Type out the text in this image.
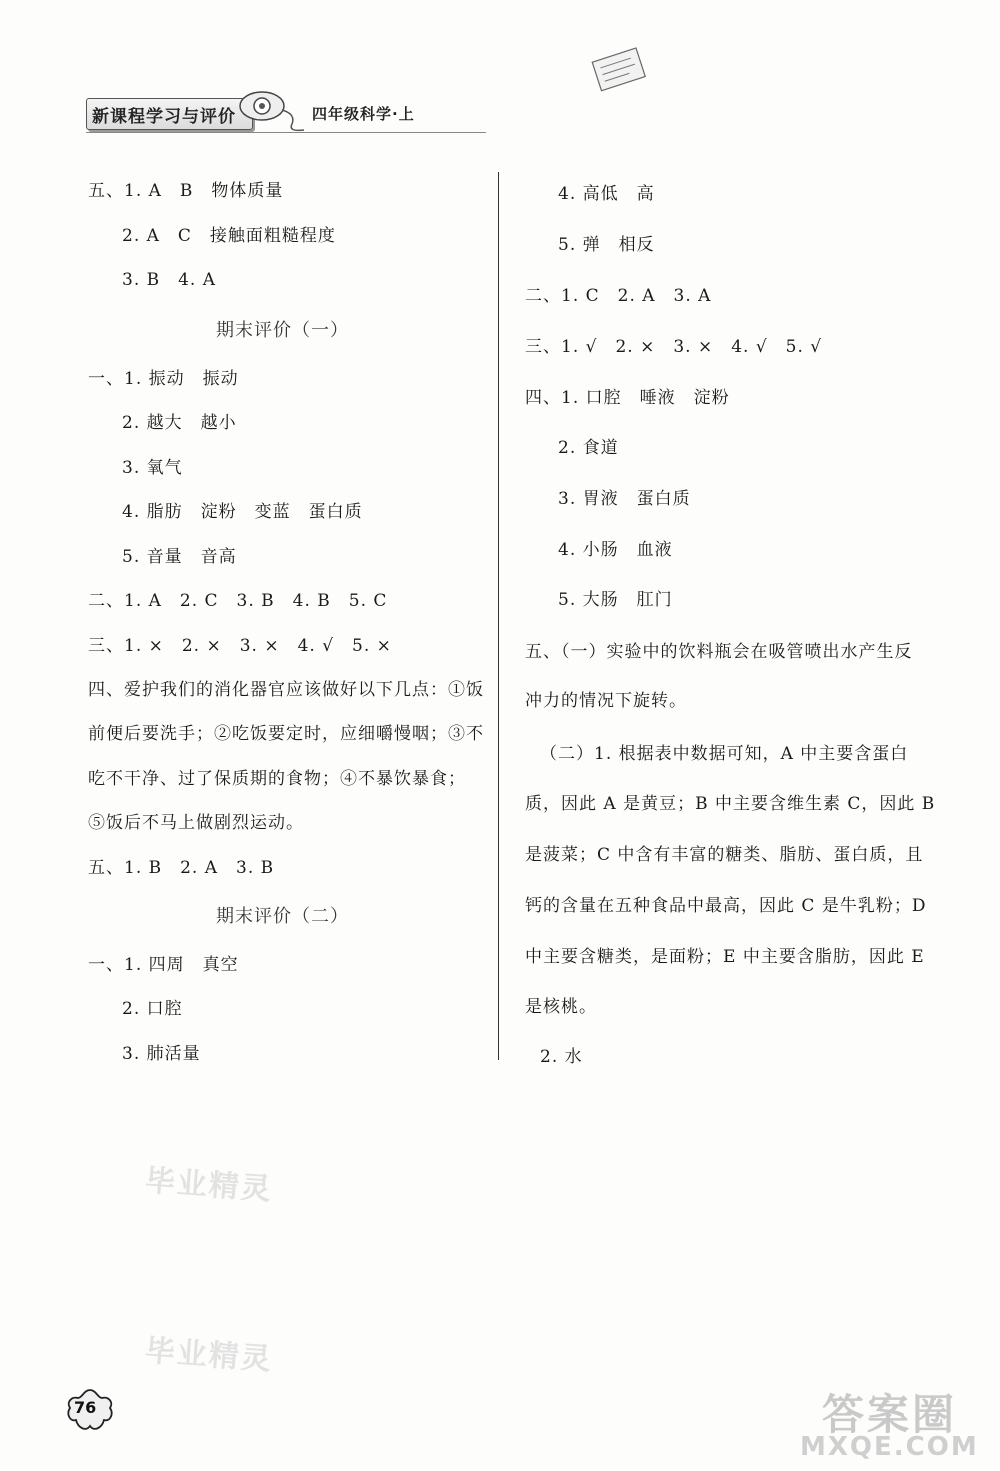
新课程学习与评价	四年级科学·上
五、1. A　B　物体质量
2. A　C　接触面粗糙程度
3. B　4. A
期末评价（一）
一、1. 振动　振动
2. 越大　越小
3. 氧气
4. 脂肪　淀粉　变蓝　蛋白质
5. 音量　音高
二、1. A　2. C　3. B　4. B　5. C
三、1. ×　2. ×　3. ×　4. √　5. ×
四、爱护我们的消化器官应该做好以下几点：①饭
前便后要洗手；②吃饭要定时，应细嚼慢咽；③不
吃不干净、过了保质期的食物；④不暴饮暴食；
⑤饭后不马上做剧烈运动。
五、1. B　2. A　3. B
期末评价（二）
一、1. 四周　真空
2. 口腔
3. 肺活量
4. 高低　高
5. 弹　相反
二、1. C　2. A　3. A
三、1. √　2. ×　3. ×　4. √　5. √
四、1. 口腔　唾液　淀粉
2. 食道
3. 胃液　蛋白质
4. 小肠　血液
5. 大肠　肛门
五、（一）实验中的饮料瓶会在吸管喷出水产生反
冲力的情况下旋转。
（二）1. 根据表中数据可知，A 中主要含蛋白
质，因此 A 是黄豆；B 中主要含维生素 C，因此 B
是菠菜；C 中含有丰富的糖类、脂肪、蛋白质，且
钙的含量在五种食品中最高，因此 C 是牛乳粉；D
中主要含糖类，是面粉；E 中主要含脂肪，因此 E
是核桃。
2. 水
毕业精灵
毕业精灵
答案圈
MXQE.COM
76
